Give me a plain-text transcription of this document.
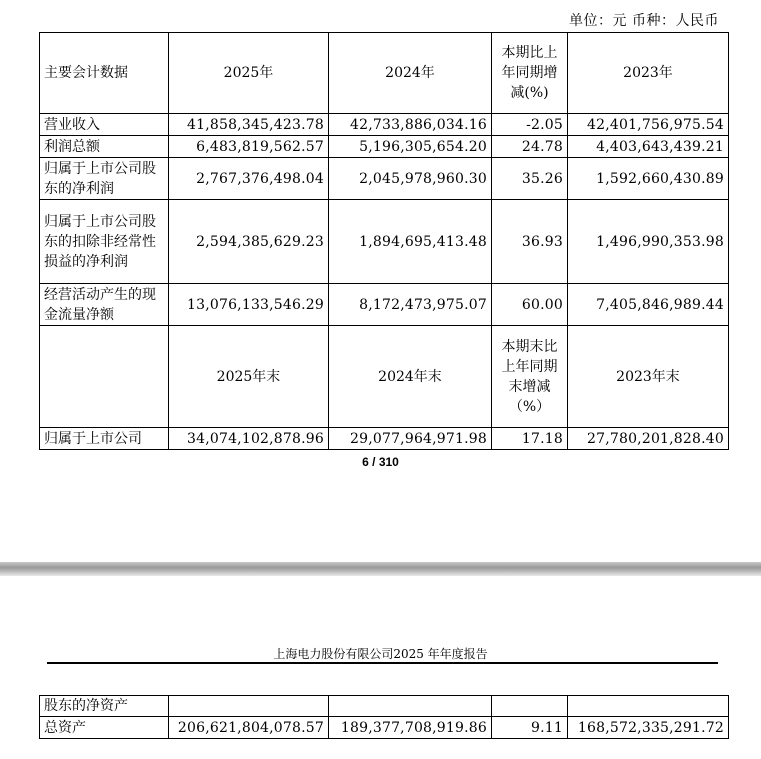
单位：元 币种：人民币
主要会计数据	2025年	2024年	本期比上年同期增减(%)	2023年
营业收入	41,858,345,423.78	42,733,886,034.16	-2.05	42,401,756,975.54
利润总额	6,483,819,562.57	5,196,305,654.20	24.78	4,403,643,439.21
归属于上市公司股东的净利润	2,767,376,498.04	2,045,978,960.30	35.26	1,592,660,430.89
归属于上市公司股东的扣除非经常性损益的净利润	2,594,385,629.23	1,894,695,413.48	36.93	1,496,990,353.98
经营活动产生的现金流量净额	13,076,133,546.29	8,172,473,975.07	60.00	7,405,846,989.44
	2025年末	2024年末	本期末比上年同期末增减（%）	2023年末
归属于上市公司	34,074,102,878.96	29,077,964,971.98	17.18	27,780,201,828.40
6 / 310
上海电力股份有限公司2025 年年度报告
股东的净资产				
总资产	206,621,804,078.57	189,377,708,919.86	9.11	168,572,335,291.72
